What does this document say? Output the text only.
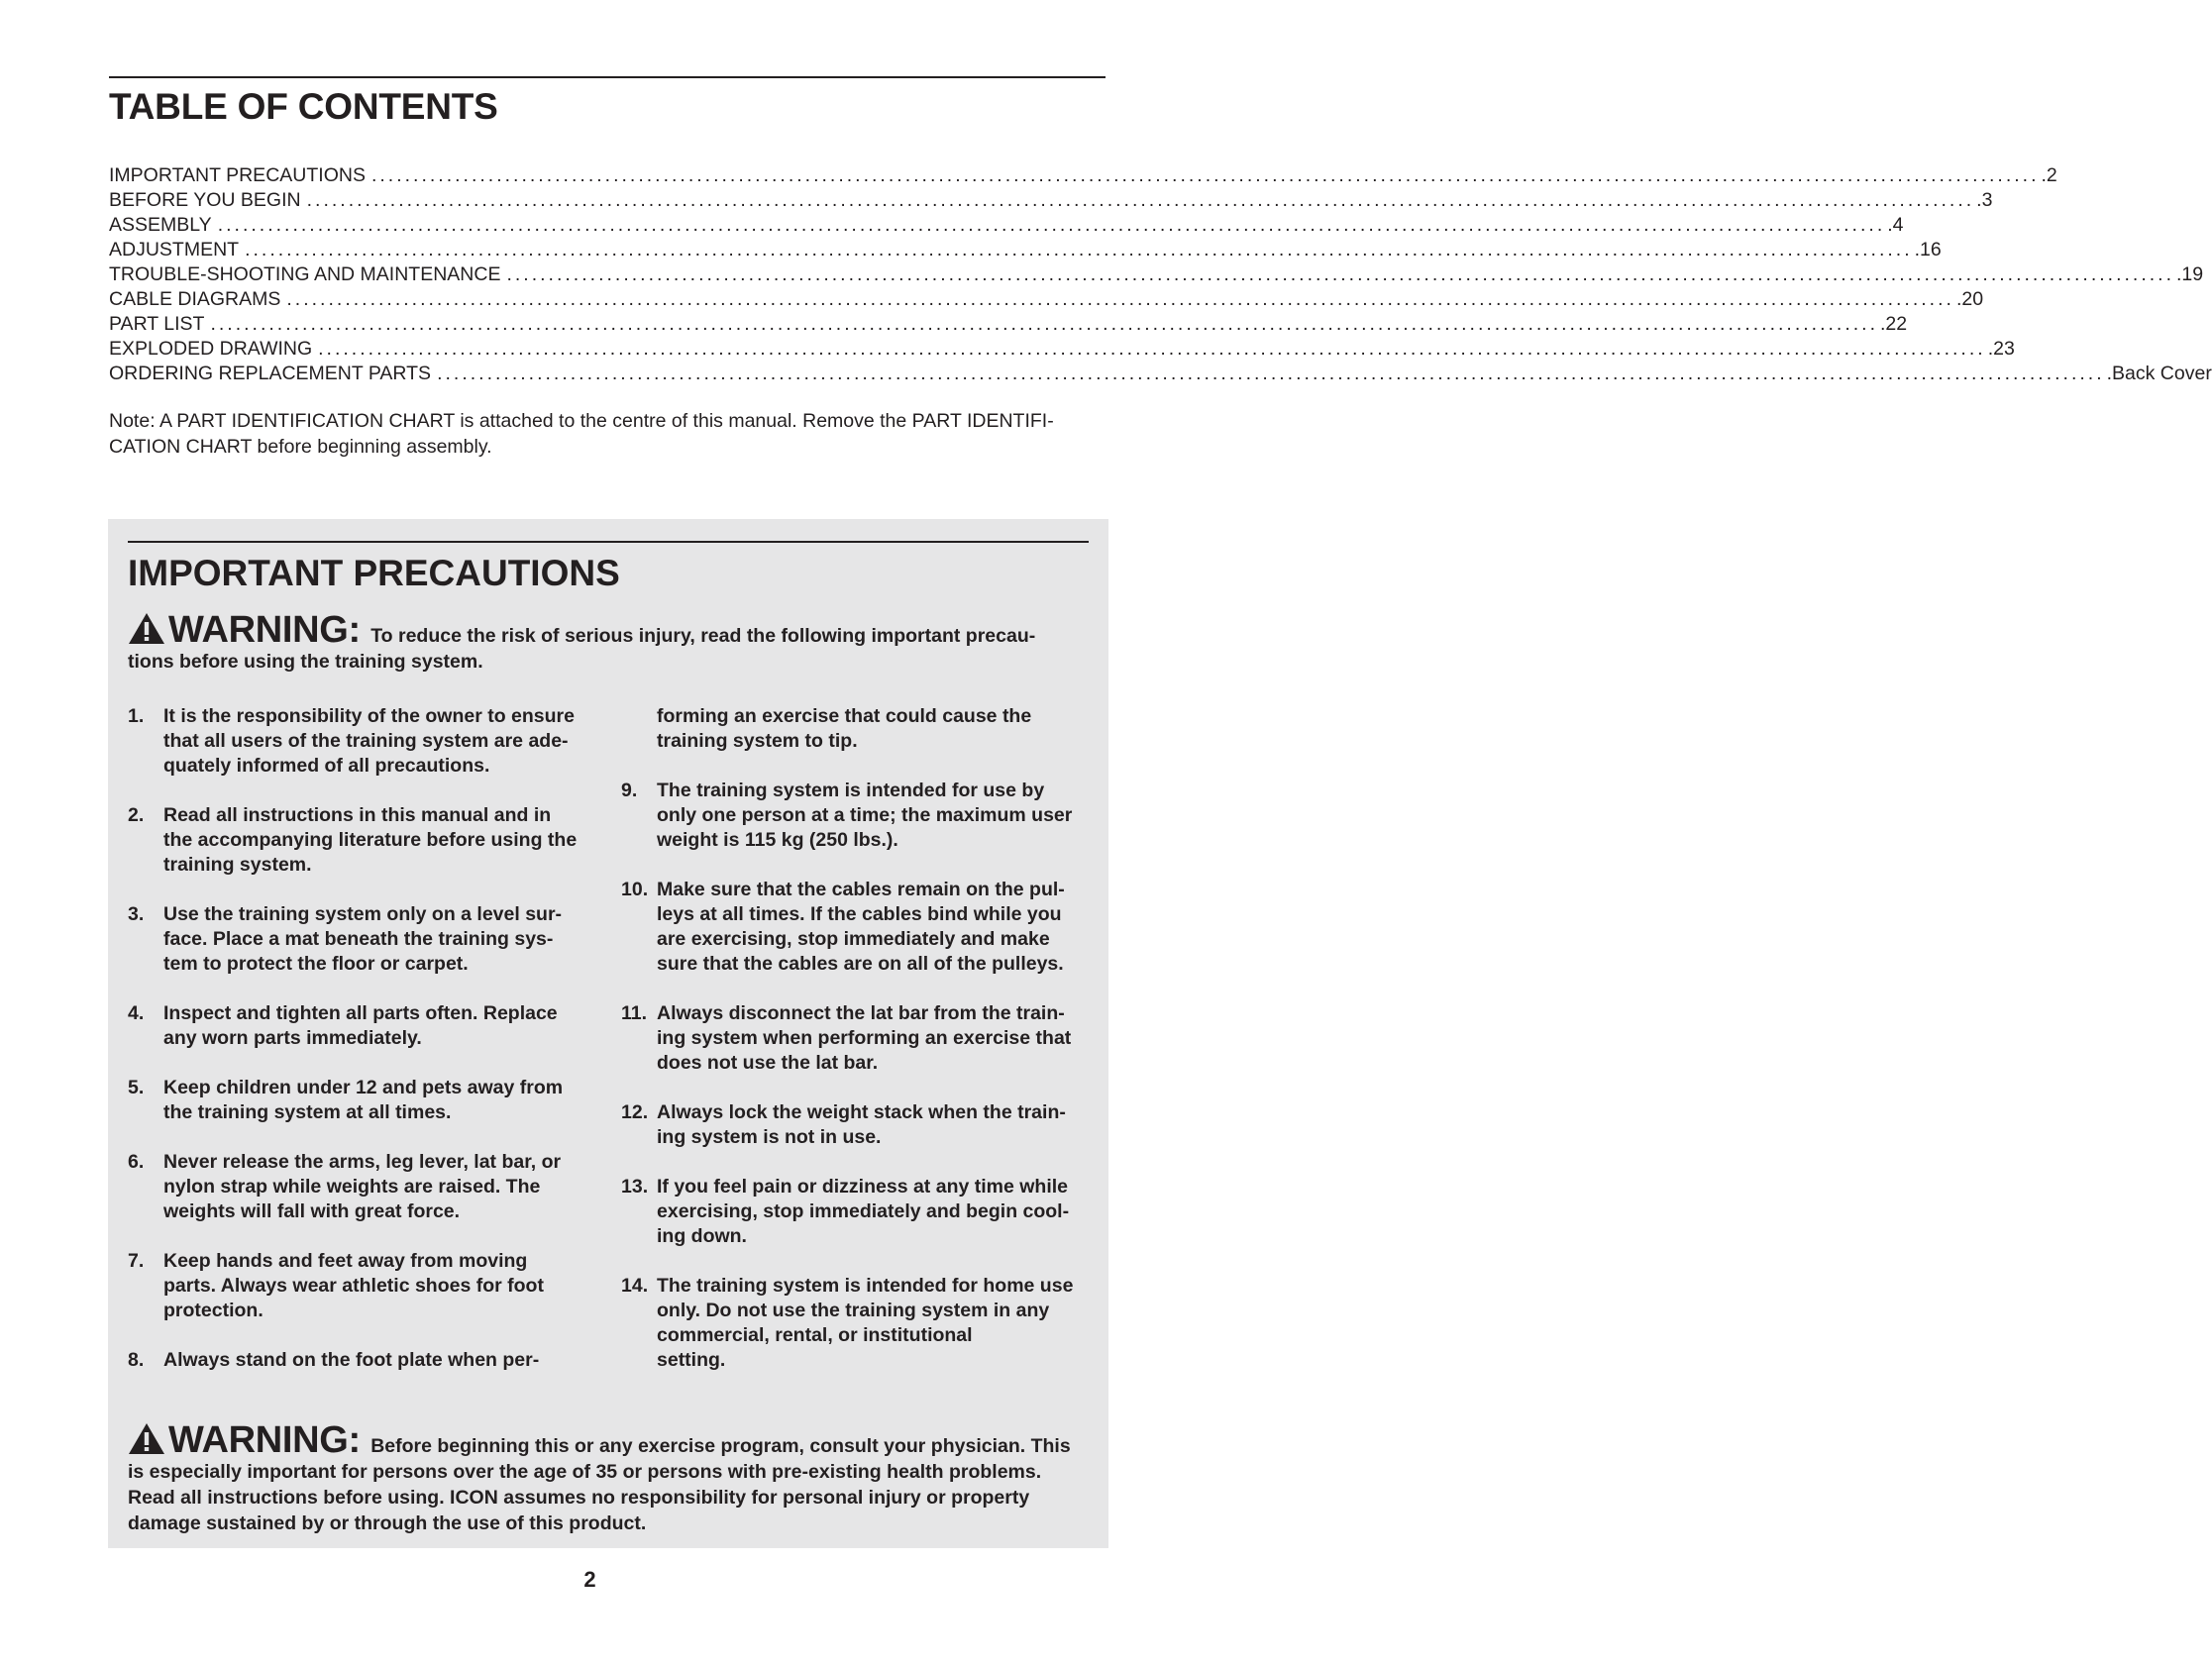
TABLE OF CONTENTS
IMPORTANT PRECAUTIONS ........................................................................................................................................................................................................ .2
BEFORE YOU BEGIN ........................................................................................................................................................................................................ .3
ASSEMBLY ........................................................................................................................................................................................................ .4
ADJUSTMENT ........................................................................................................................................................................................................ .16
TROUBLE-SHOOTING AND MAINTENANCE ........................................................................................................................................................................................................ .19
CABLE DIAGRAMS ........................................................................................................................................................................................................ .20
PART LIST ........................................................................................................................................................................................................ .22
EXPLODED DRAWING ........................................................................................................................................................................................................ .23
ORDERING REPLACEMENT PARTS ........................................................................................................................................................................................................ .Back Cover
Note: A PART IDENTIFICATION CHART is attached to the centre of this manual. Remove the PART IDENTIFI-
CATION CHART before beginning assembly.
IMPORTANT PRECAUTIONS
WARNING: To reduce the risk of serious injury, read the following important precau-
tions before using the training system.
1.	It is the responsibility of the owner to ensure
that all users of the training system are ade-
quately informed of all precautions.
2.	Read all instructions in this manual and in
the accompanying literature before using the
training system.
3.	Use the training system only on a level sur-
face. Place a mat beneath the training sys-
tem to protect the floor or carpet.
4.	Inspect and tighten all parts often. Replace
any worn parts immediately.
5.	Keep children under 12 and pets away from
the training system at all times.
6.	Never release the arms, leg lever, lat bar, or
nylon strap while weights are raised. The
weights will fall with great force.
7.	Keep hands and feet away from moving
parts. Always wear athletic shoes for foot
protection.
8.	Always stand on the foot plate when per-
forming an exercise that could cause the
training system to tip.
9.	The training system is intended for use by
only one person at a time; the maximum user
weight is 115 kg (250 lbs.).
10. Make sure that the cables remain on the pul-
leys at all times. If the cables bind while you
are exercising, stop immediately and make
sure that the cables are on all of the pulleys.
11. Always disconnect the lat bar from the train-
ing system when performing an exercise that
does not use the lat bar.
12. Always lock the weight stack when the train-
ing system is not in use.
13. If you feel pain or dizziness at any time while
exercising, stop immediately and begin cool-
ing down.
14. The training system is intended for home use
only. Do not use the training system in any
commercial, rental, or institutional
setting.
WARNING: Before beginning this or any exercise program, consult your physician. This
is especially important for persons over the age of 35 or persons with pre-existing health problems.
Read all instructions before using. ICON assumes no responsibility for personal injury or property
damage sustained by or through the use of this product.
2
